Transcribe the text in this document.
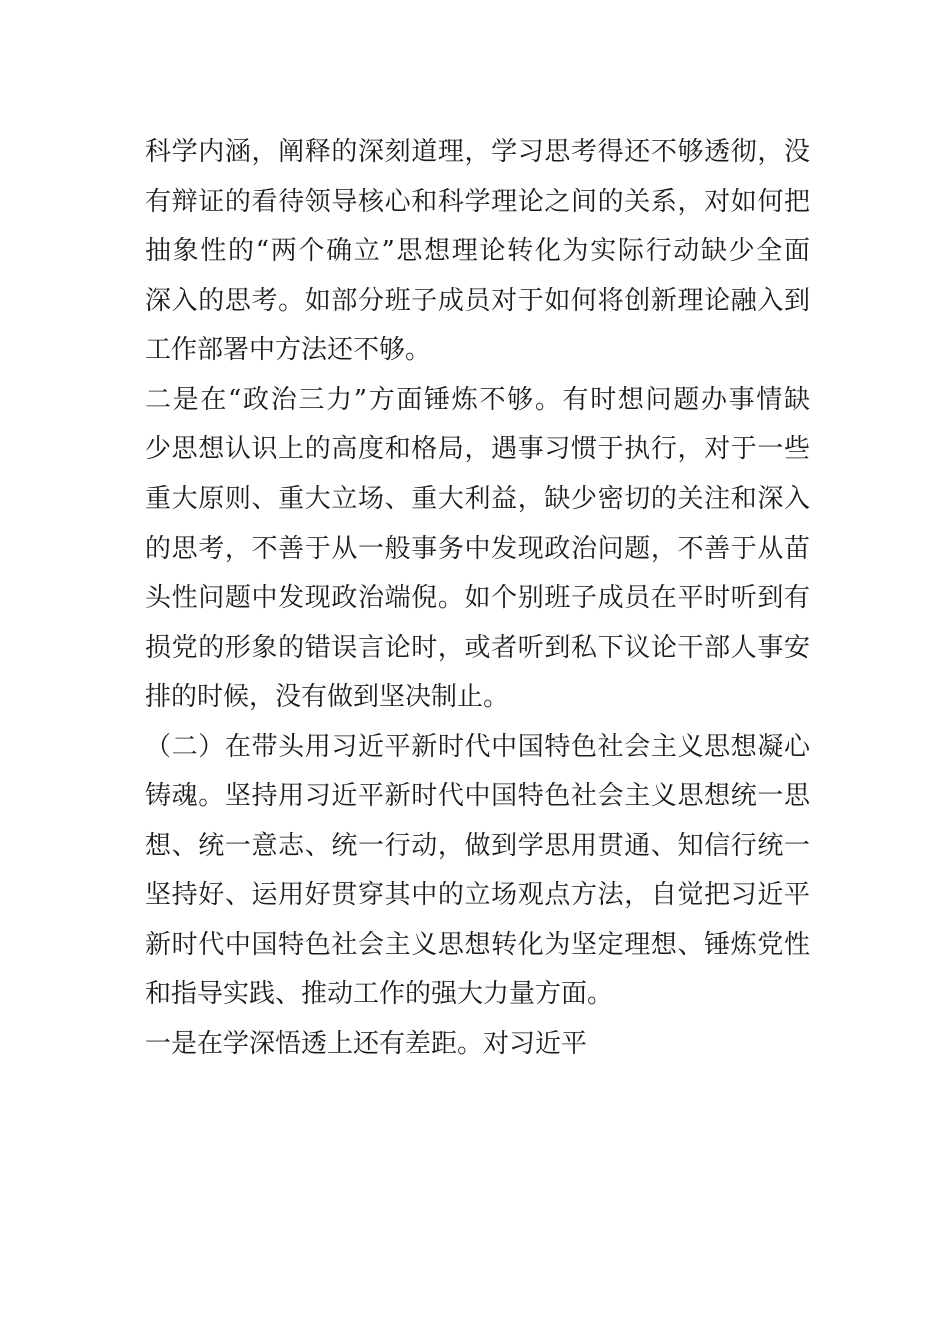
科学内涵，阐释的深刻道理，学习思考得还不够透彻，没
有辩证的看待领导核心和科学理论之间的关系，对如何把
抽象性的“两个确立”思想理论转化为实际行动缺少全面
深入的思考。如部分班子成员对于如何将创新理论融入到
工作部署中方法还不够。
二是在“政治三力”方面锤炼不够。有时想问题办事情缺
少思想认识上的高度和格局，遇事习惯于执行，对于一些
重大原则、重大立场、重大利益，缺少密切的关注和深入
的思考，不善于从一般事务中发现政治问题，不善于从苗
头性问题中发现政治端倪。如个别班子成员在平时听到有
损党的形象的错误言论时，或者听到私下议论干部人事安
排的时候，没有做到坚决制止。
（二）在带头用习近平新时代中国特色社会主义思想凝心
铸魂。坚持用习近平新时代中国特色社会主义思想统一思
想、统一意志、统一行动，做到学思用贯通、知信行统一
坚持好、运用好贯穿其中的立场观点方法，自觉把习近平
新时代中国特色社会主义思想转化为坚定理想、锤炼党性
和指导实践、推动工作的强大力量方面。
一是在学深悟透上还有差距。对习近平
